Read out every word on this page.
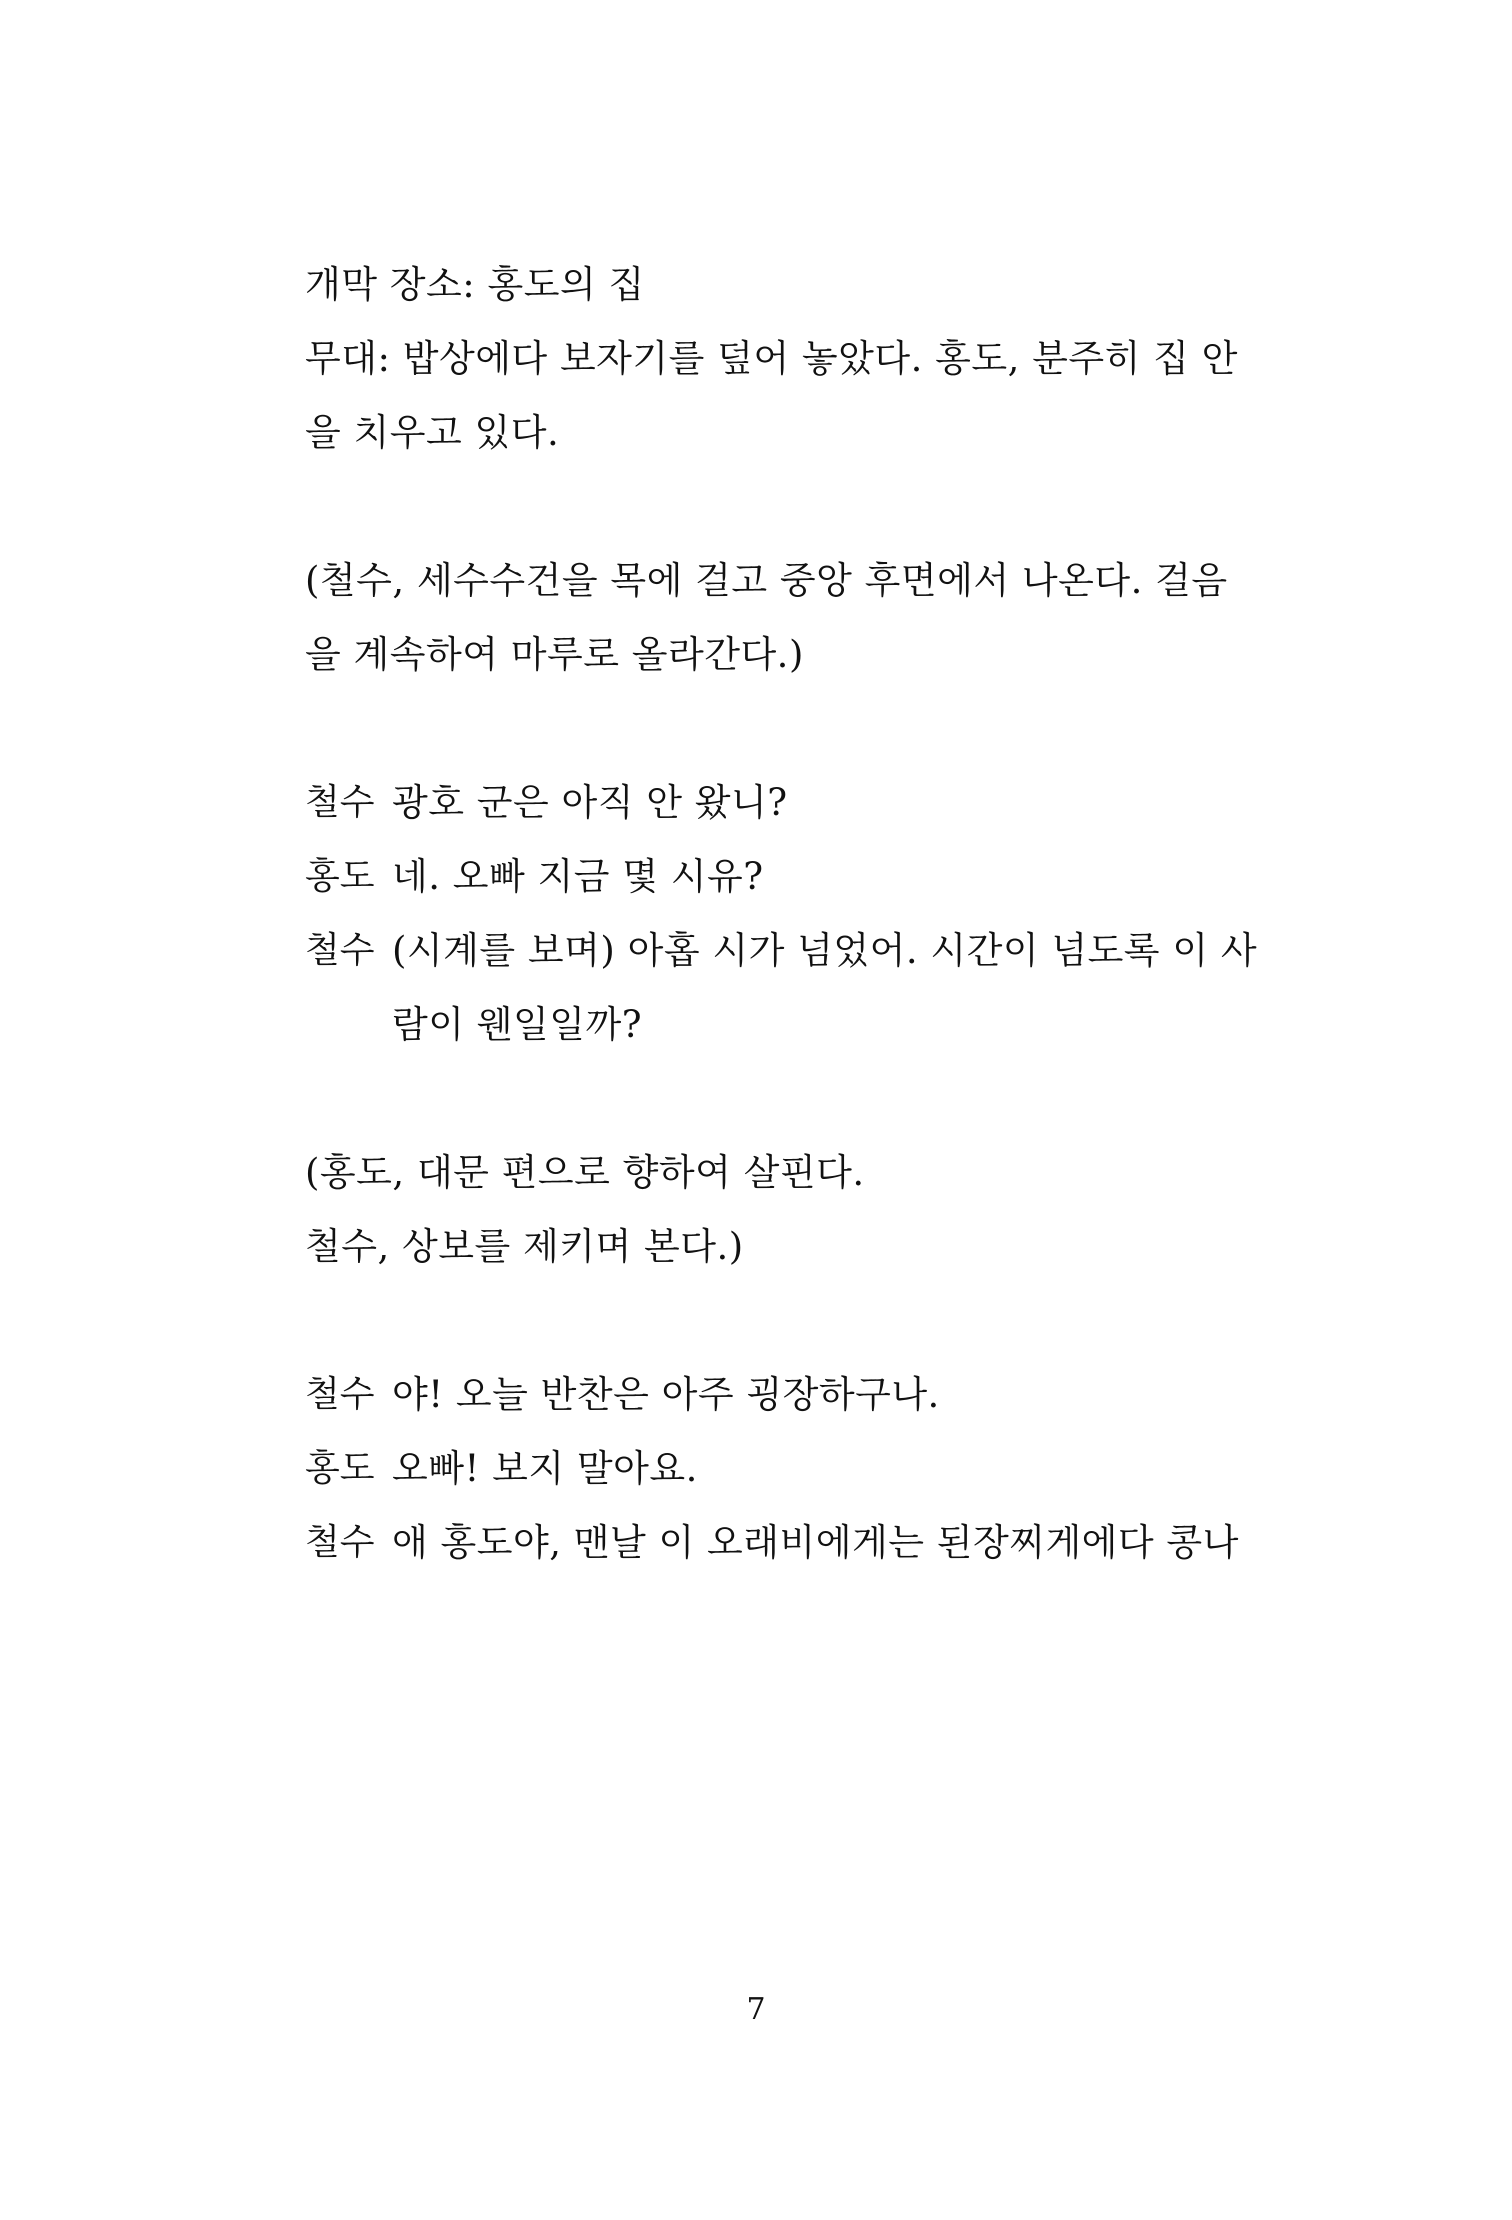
개막 장소: 홍도의 집
무대: 밥상에다 보자기를 덮어 놓았다. 홍도, 분주히 집 안
을 치우고 있다.
(철수, 세수수건을 목에 걸고 중앙 후면에서 나온다. 걸음
을 계속하여 마루로 올라간다.)
철수 광호 군은 아직 안 왔니?
홍도 네. 오빠 지금 몇 시유?
철수 (시계를 보며) 아홉 시가 넘었어. 시간이 넘도록 이 사
람이 웬일일까?
(홍도, 대문 편으로 향하여 살핀다.
철수, 상보를 제키며 본다.)
철수 야! 오늘 반찬은 아주 굉장하구나.
홍도 오빠! 보지 말아요.
철수 애 홍도야, 맨날 이 오래비에게는 된장찌게에다 콩나
7
